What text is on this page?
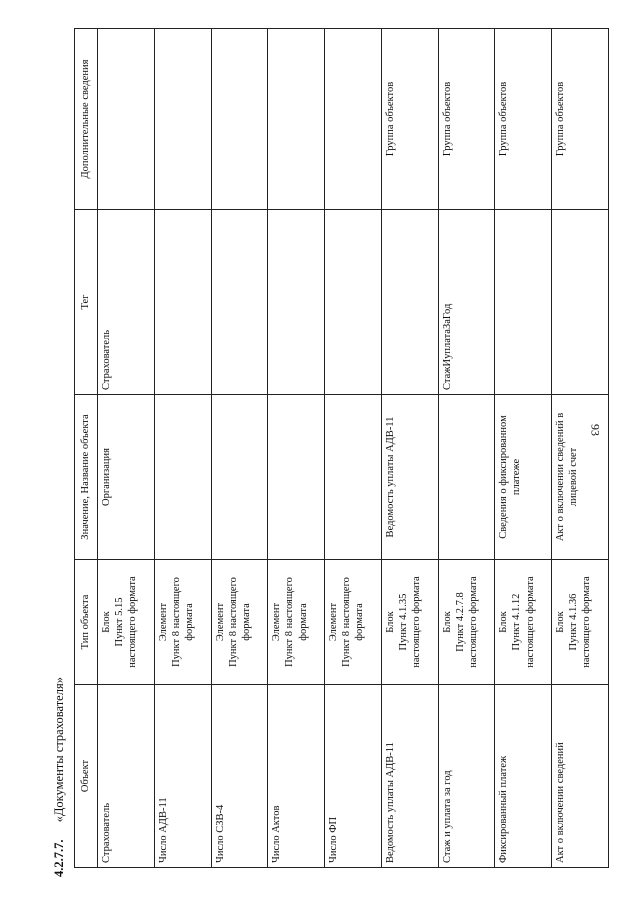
93
4.2.7.7. «Документы страхователя» Объект	Тип объекта	Значение, Название объекта	Тег	Дополнительные сведения
Страхователь	Блок Пункт 5.15 настоящего формата	Организация	Страхователь	
Число АДВ-11	Элемент Пункт 8 настоящего формата			

Число СЗВ-4	Элемент Пункт 8 настоящего формата			

Число Актов	Элемент Пункт 8 настоящего формата			

Число ФП	Элемент Пункт 8 настоящего формата			

Ведомость уплаты АДВ-11	Блок Пункт 4.1.35 настоящего формата	Ведомость уплаты АДВ-11		Группа объектов
Стаж и уплата за год	Блок Пункт 4.2.7.8 настоящего формата		СтажИуплатаЗаГод	Группа объектов
Фиксированный платеж	Блок Пункт 4.1.12 настоящего формата	Сведения о фиксированном платеже		Группа объектов
Акт о включении сведений	Блок Пункт 4.1.36 настоящего формата	Акт о включении сведений в лицевой счет		Группа объектов
